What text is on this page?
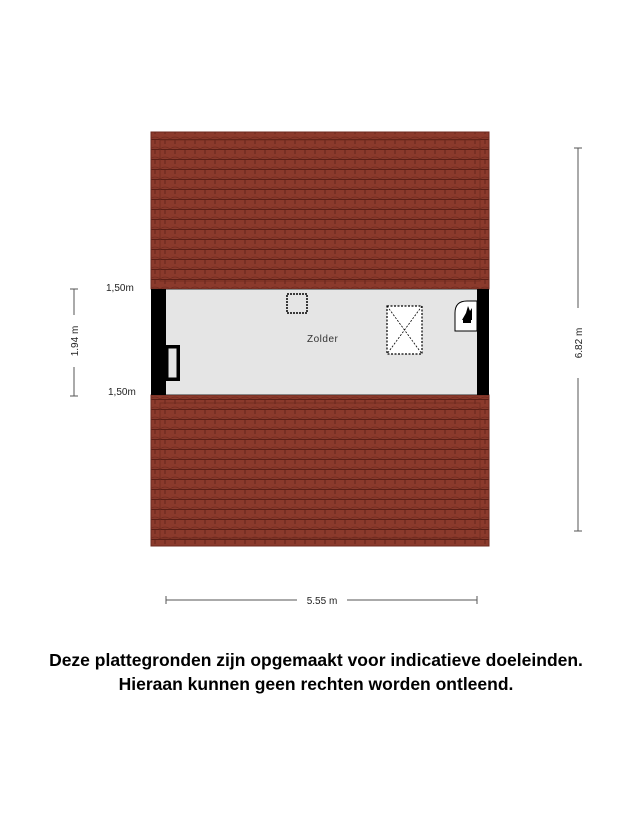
Zolder
5.55 m
6.82 m
1.94 m
1,50m
1,50m
Deze plattegronden zijn opgemaakt voor indicatieve doeleinden.
Hieraan kunnen geen rechten worden ontleend.
